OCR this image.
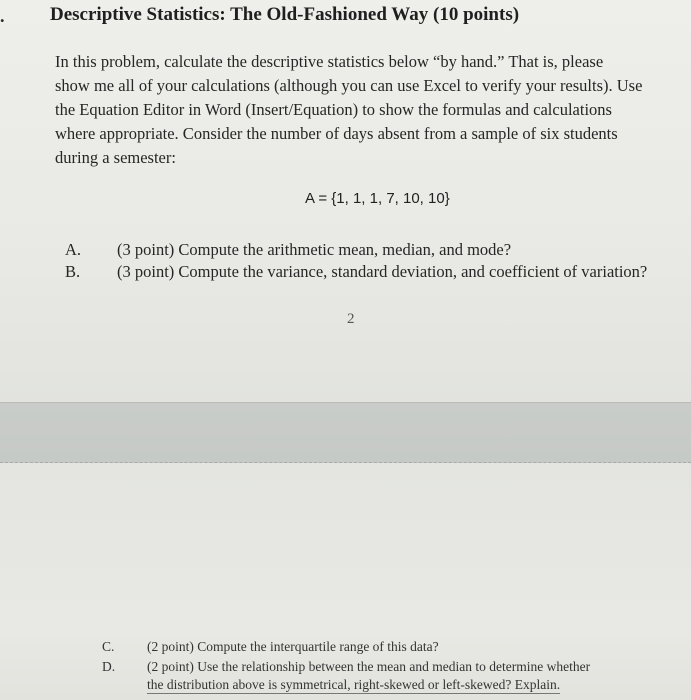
. Descriptive Statistics: The Old-Fashioned Way (10 points)
In this problem, calculate the descriptive statistics below “by hand.” That is, please
show me all of your calculations (although you can use Excel to verify your results). Use
the Equation Editor in Word (Insert/Equation) to show the formulas and calculations
where appropriate. Consider the number of days absent from a sample of six students
during a semester:
A = {1, 1, 1, 7, 10, 10}
A. (3 point) Compute the arithmetic mean, median, and mode?
B. (3 point) Compute the variance, standard deviation, and coefficient of variation?
2
C. (2 point) Compute the interquartile range of this data?
D. (2 point) Use the relationship between the mean and median to determine whether
the distribution above is symmetrical, right-skewed or left-skewed? Explain.
